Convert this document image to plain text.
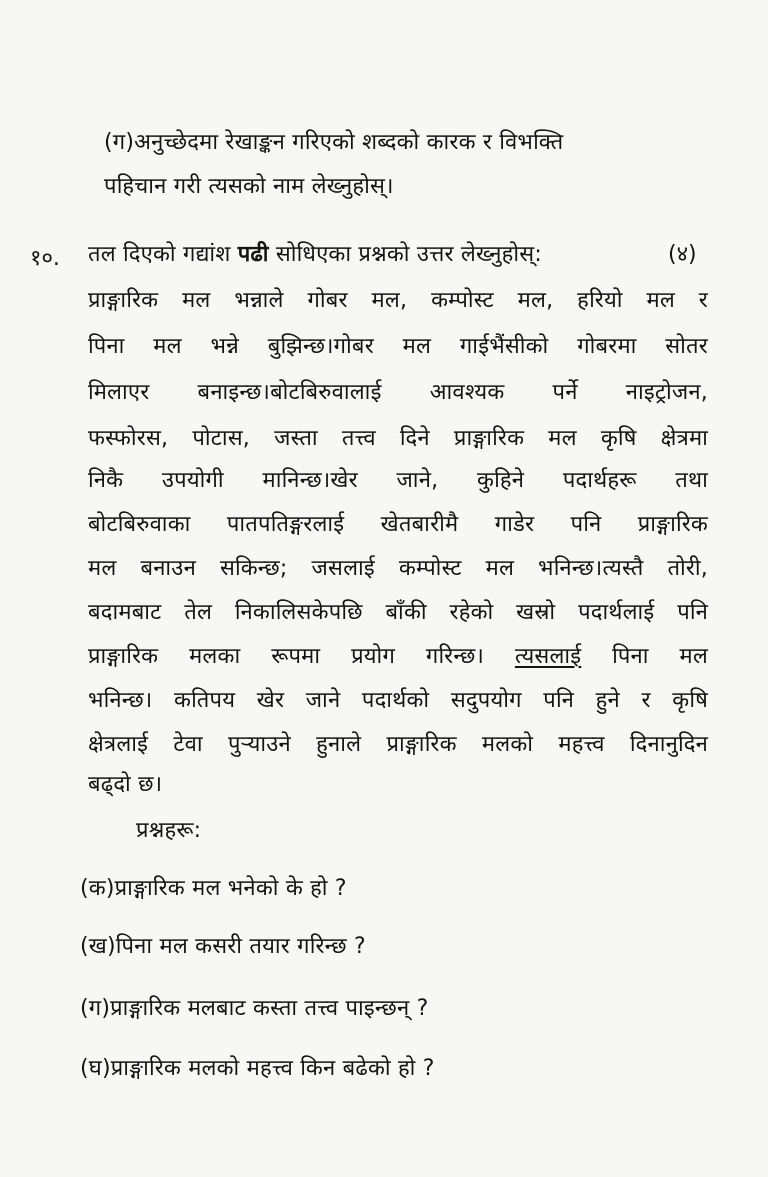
(ग)अनुच्छेदमा रेखाङ्कन गरिएको शब्दको कारक र विभक्ति
पहिचान गरी त्यसको नाम लेख्नुहोस्।
१०. तल दिएको गद्यांश पढी सोधिएका प्रश्नको उत्तर लेख्नुहोस्:	(४)
प्राङ्गारिक मल भन्नाले गोबर मल, कम्पोस्ट मल, हरियो मल र
पिना मल भन्ने बुझिन्छ।गोबर मल गाईभैंसीको गोबरमा सोतर
मिलाएर बनाइन्छ।बोटबिरुवालाई आवश्यक पर्ने नाइट्रोजन,
फस्फोरस, पोटास, जस्ता तत्त्व दिने प्राङ्गारिक मल कृषि क्षेत्रमा
निकै उपयोगी मानिन्छ।खेर जाने, कुहिने पदार्थहरू तथा
बोटबिरुवाका पातपतिङ्गरलाई खेतबारीमै गाडेर पनि प्राङ्गारिक
मल बनाउन सकिन्छ; जसलाई कम्पोस्ट मल भनिन्छ।त्यस्तै तोरी,
बदामबाट तेल निकालिसकेपछि बाँकी रहेको खस्रो पदार्थलाई पनि
प्राङ्गारिक मलका रूपमा प्रयोग गरिन्छ। त्यसलाई पिना मल
भनिन्छ। कतिपय खेर जाने पदार्थको सदुपयोग पनि हुने र कृषि
क्षेत्रलाई टेवा पुऱ्याउने हुनाले प्राङ्गारिक मलको महत्त्व दिनानुदिन
बढ्दो छ।
प्रश्नहरू:
(क)प्राङ्गारिक मल भनेको के हो ?
(ख)पिना मल कसरी तयार गरिन्छ ?
(ग)प्राङ्गारिक मलबाट कस्ता तत्त्व पाइन्छन् ?
(घ)प्राङ्गारिक मलको महत्त्व किन बढेको हो ?
